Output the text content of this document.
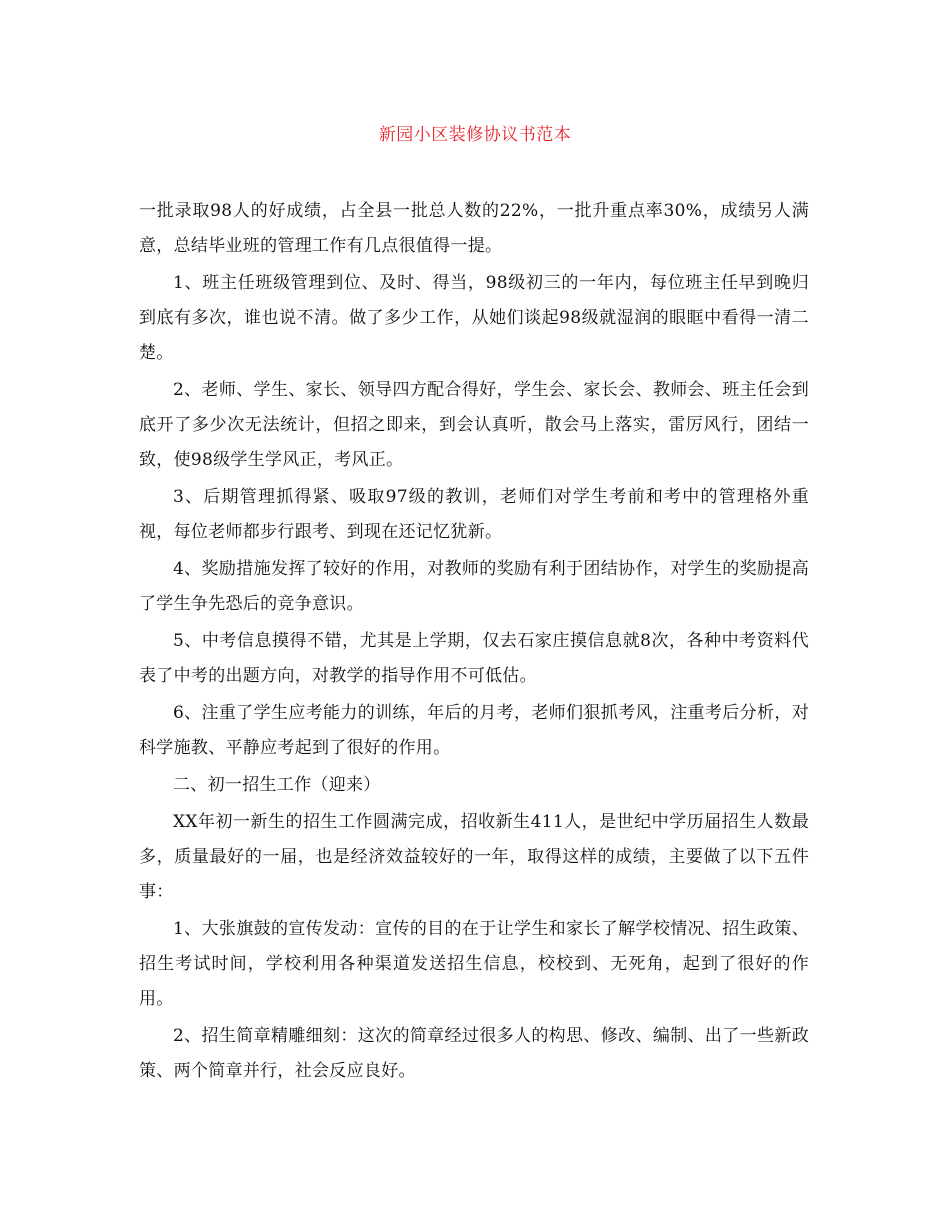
新园小区装修协议书范本

一批录取98人的好成绩，占全县一批总人数的22%，一批升重点率30%，成绩另人满意，总结毕业班的管理工作有几点很值得一提。

1、班主任班级管理到位、及时、得当，98级初三的一年内，每位班主任早到晚归到底有多次，谁也说不清。做了多少工作，从她们谈起98级就湿润的眼眶中看得一清二楚。

2、老师、学生、家长、领导四方配合得好，学生会、家长会、教师会、班主任会到底开了多少次无法统计，但招之即来，到会认真听，散会马上落实，雷厉风行，团结一致，使98级学生学风正，考风正。

3、后期管理抓得紧、吸取97级的教训，老师们对学生考前和考中的管理格外重视，每位老师都步行跟考、到现在还记忆犹新。

4、奖励措施发挥了较好的作用，对教师的奖励有利于团结协作，对学生的奖励提高了学生争先恐后的竞争意识。

5、中考信息摸得不错，尤其是上学期，仅去石家庄摸信息就8次，各种中考资料代表了中考的出题方向，对教学的指导作用不可低估。

6、注重了学生应考能力的训练，年后的月考，老师们狠抓考风，注重考后分析，对科学施教、平静应考起到了很好的作用。

二、初一招生工作（迎来）

XX年初一新生的招生工作圆满完成，招收新生411人，是世纪中学历届招生人数最多，质量最好的一届，也是经济效益较好的一年，取得这样的成绩，主要做了以下五件事：

1、大张旗鼓的宣传发动：宣传的目的在于让学生和家长了解学校情况、招生政策、招生考试时间，学校利用各种渠道发送招生信息，校校到、无死角，起到了很好的作用。

2、招生简章精雕细刻：这次的简章经过很多人的构思、修改、编制、出了一些新政策、两个简章并行，社会反应良好。
